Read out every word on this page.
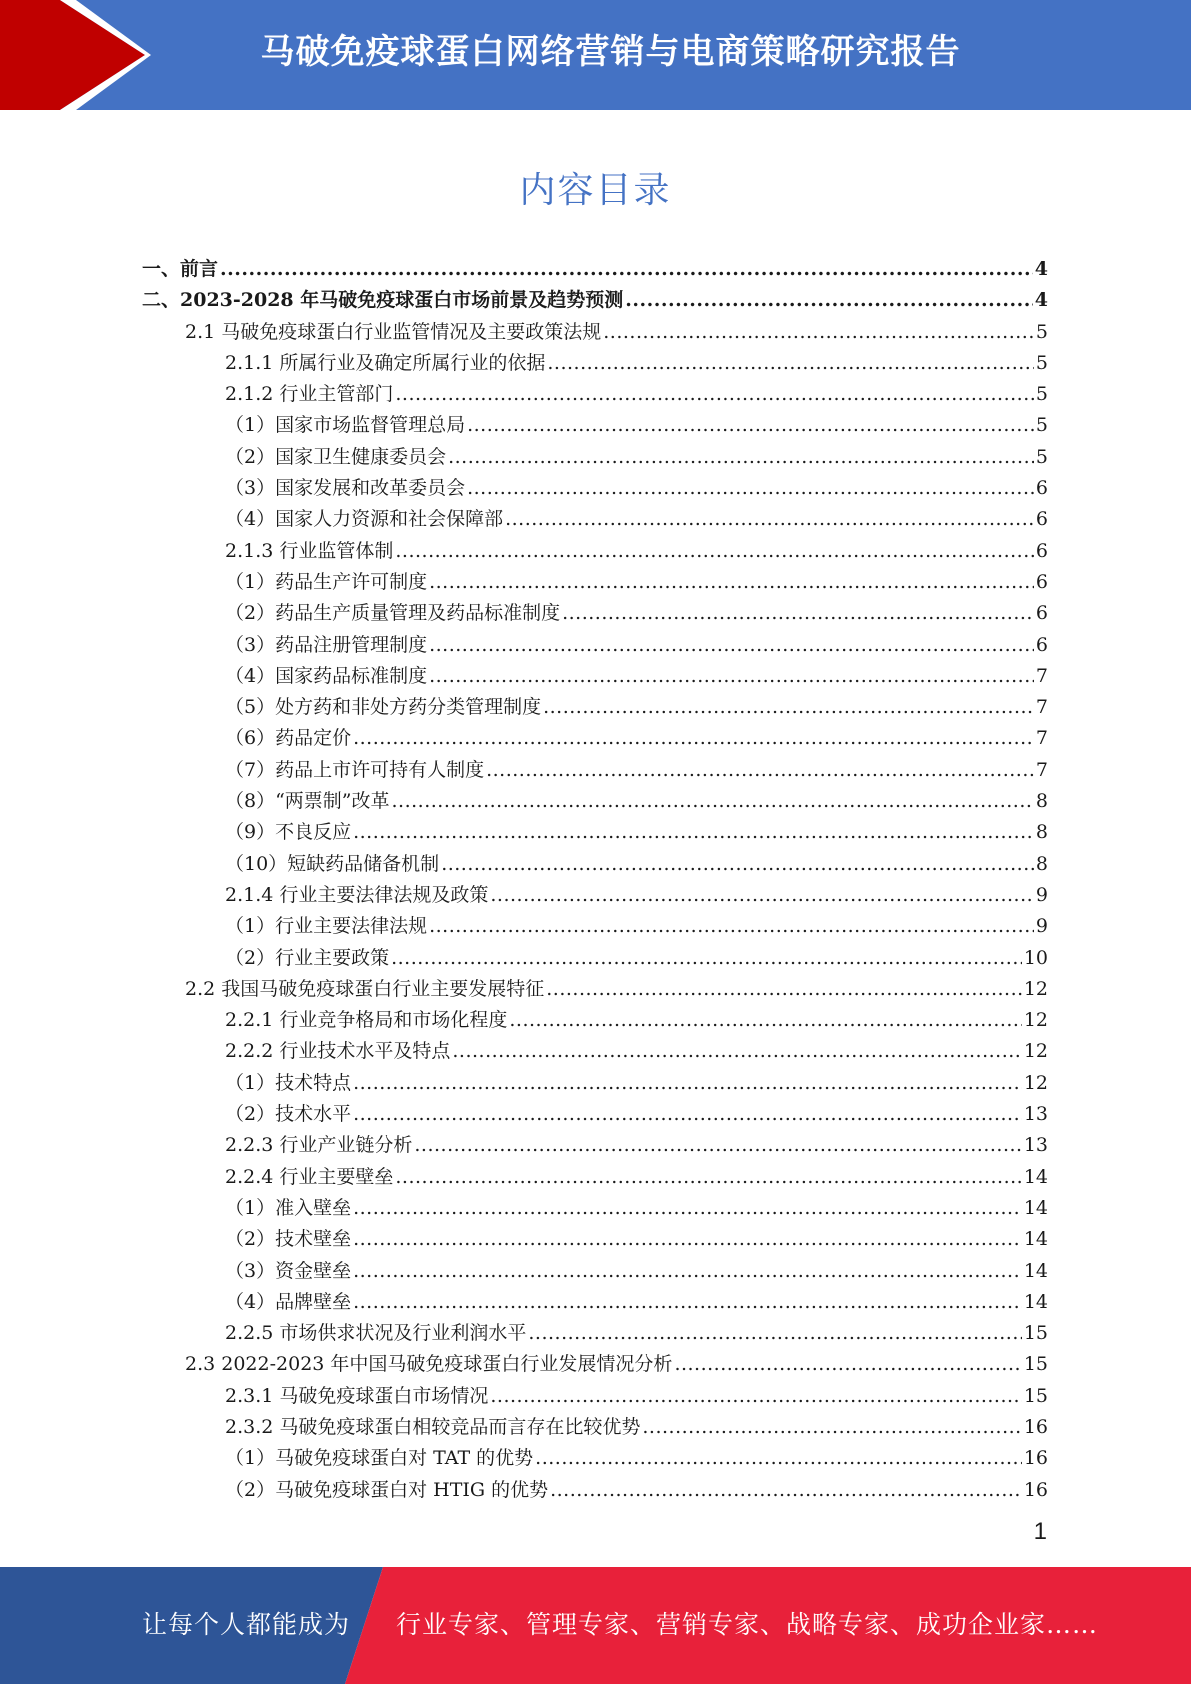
马破免疫球蛋白网络营销与电商策略研究报告
内容目录
一、前言 .....	4
二、2023-2028 年马破免疫球蛋白市场前景及趋势预测 .....	4
2.1 马破免疫球蛋白行业监管情况及主要政策法规 .....	5
2.1.1 所属行业及确定所属行业的依据 .....	5
2.1.2 行业主管部门 .....	5
（1）国家市场监督管理总局 .....	5
（2）国家卫生健康委员会 .....	5
（3）国家发展和改革委员会 .....	6
（4）国家人力资源和社会保障部 .....	6
2.1.3 行业监管体制 .....	6
（1）药品生产许可制度 .....	6
（2）药品生产质量管理及药品标准制度 .....	6
（3）药品注册管理制度 .....	6
（4）国家药品标准制度 .....	7
（5）处方药和非处方药分类管理制度 .....	7
（6）药品定价 .....	7
（7）药品上市许可持有人制度 .....	7
（8）“两票制”改革 .....	8
（9）不良反应 .....	8
（10）短缺药品储备机制 .....	8
2.1.4 行业主要法律法规及政策 .....	9
（1）行业主要法律法规 .....	9
（2）行业主要政策 .....	10
2.2 我国马破免疫球蛋白行业主要发展特征 .....	12
2.2.1 行业竞争格局和市场化程度 .....	12
2.2.2 行业技术水平及特点 .....	12
（1）技术特点 .....	12
（2）技术水平 .....	13
2.2.3 行业产业链分析 .....	13
2.2.4 行业主要壁垒 .....	14
（1）准入壁垒 .....	14
（2）技术壁垒 .....	14
（3）资金壁垒 .....	14
（4）品牌壁垒 .....	14
2.2.5 市场供求状况及行业利润水平 .....	15
2.3 2022-2023 年中国马破免疫球蛋白行业发展情况分析 .....	15
2.3.1 马破免疫球蛋白市场情况 .....	15
2.3.2 马破免疫球蛋白相较竞品而言存在比较优势 .....	16
（1）马破免疫球蛋白对 TAT 的优势 .....	16
（2）马破免疫球蛋白对 HTIG 的优势 .....	16
1
让每个人都能成为 行业专家、管理专家、营销专家、战略专家、成功企业家……
